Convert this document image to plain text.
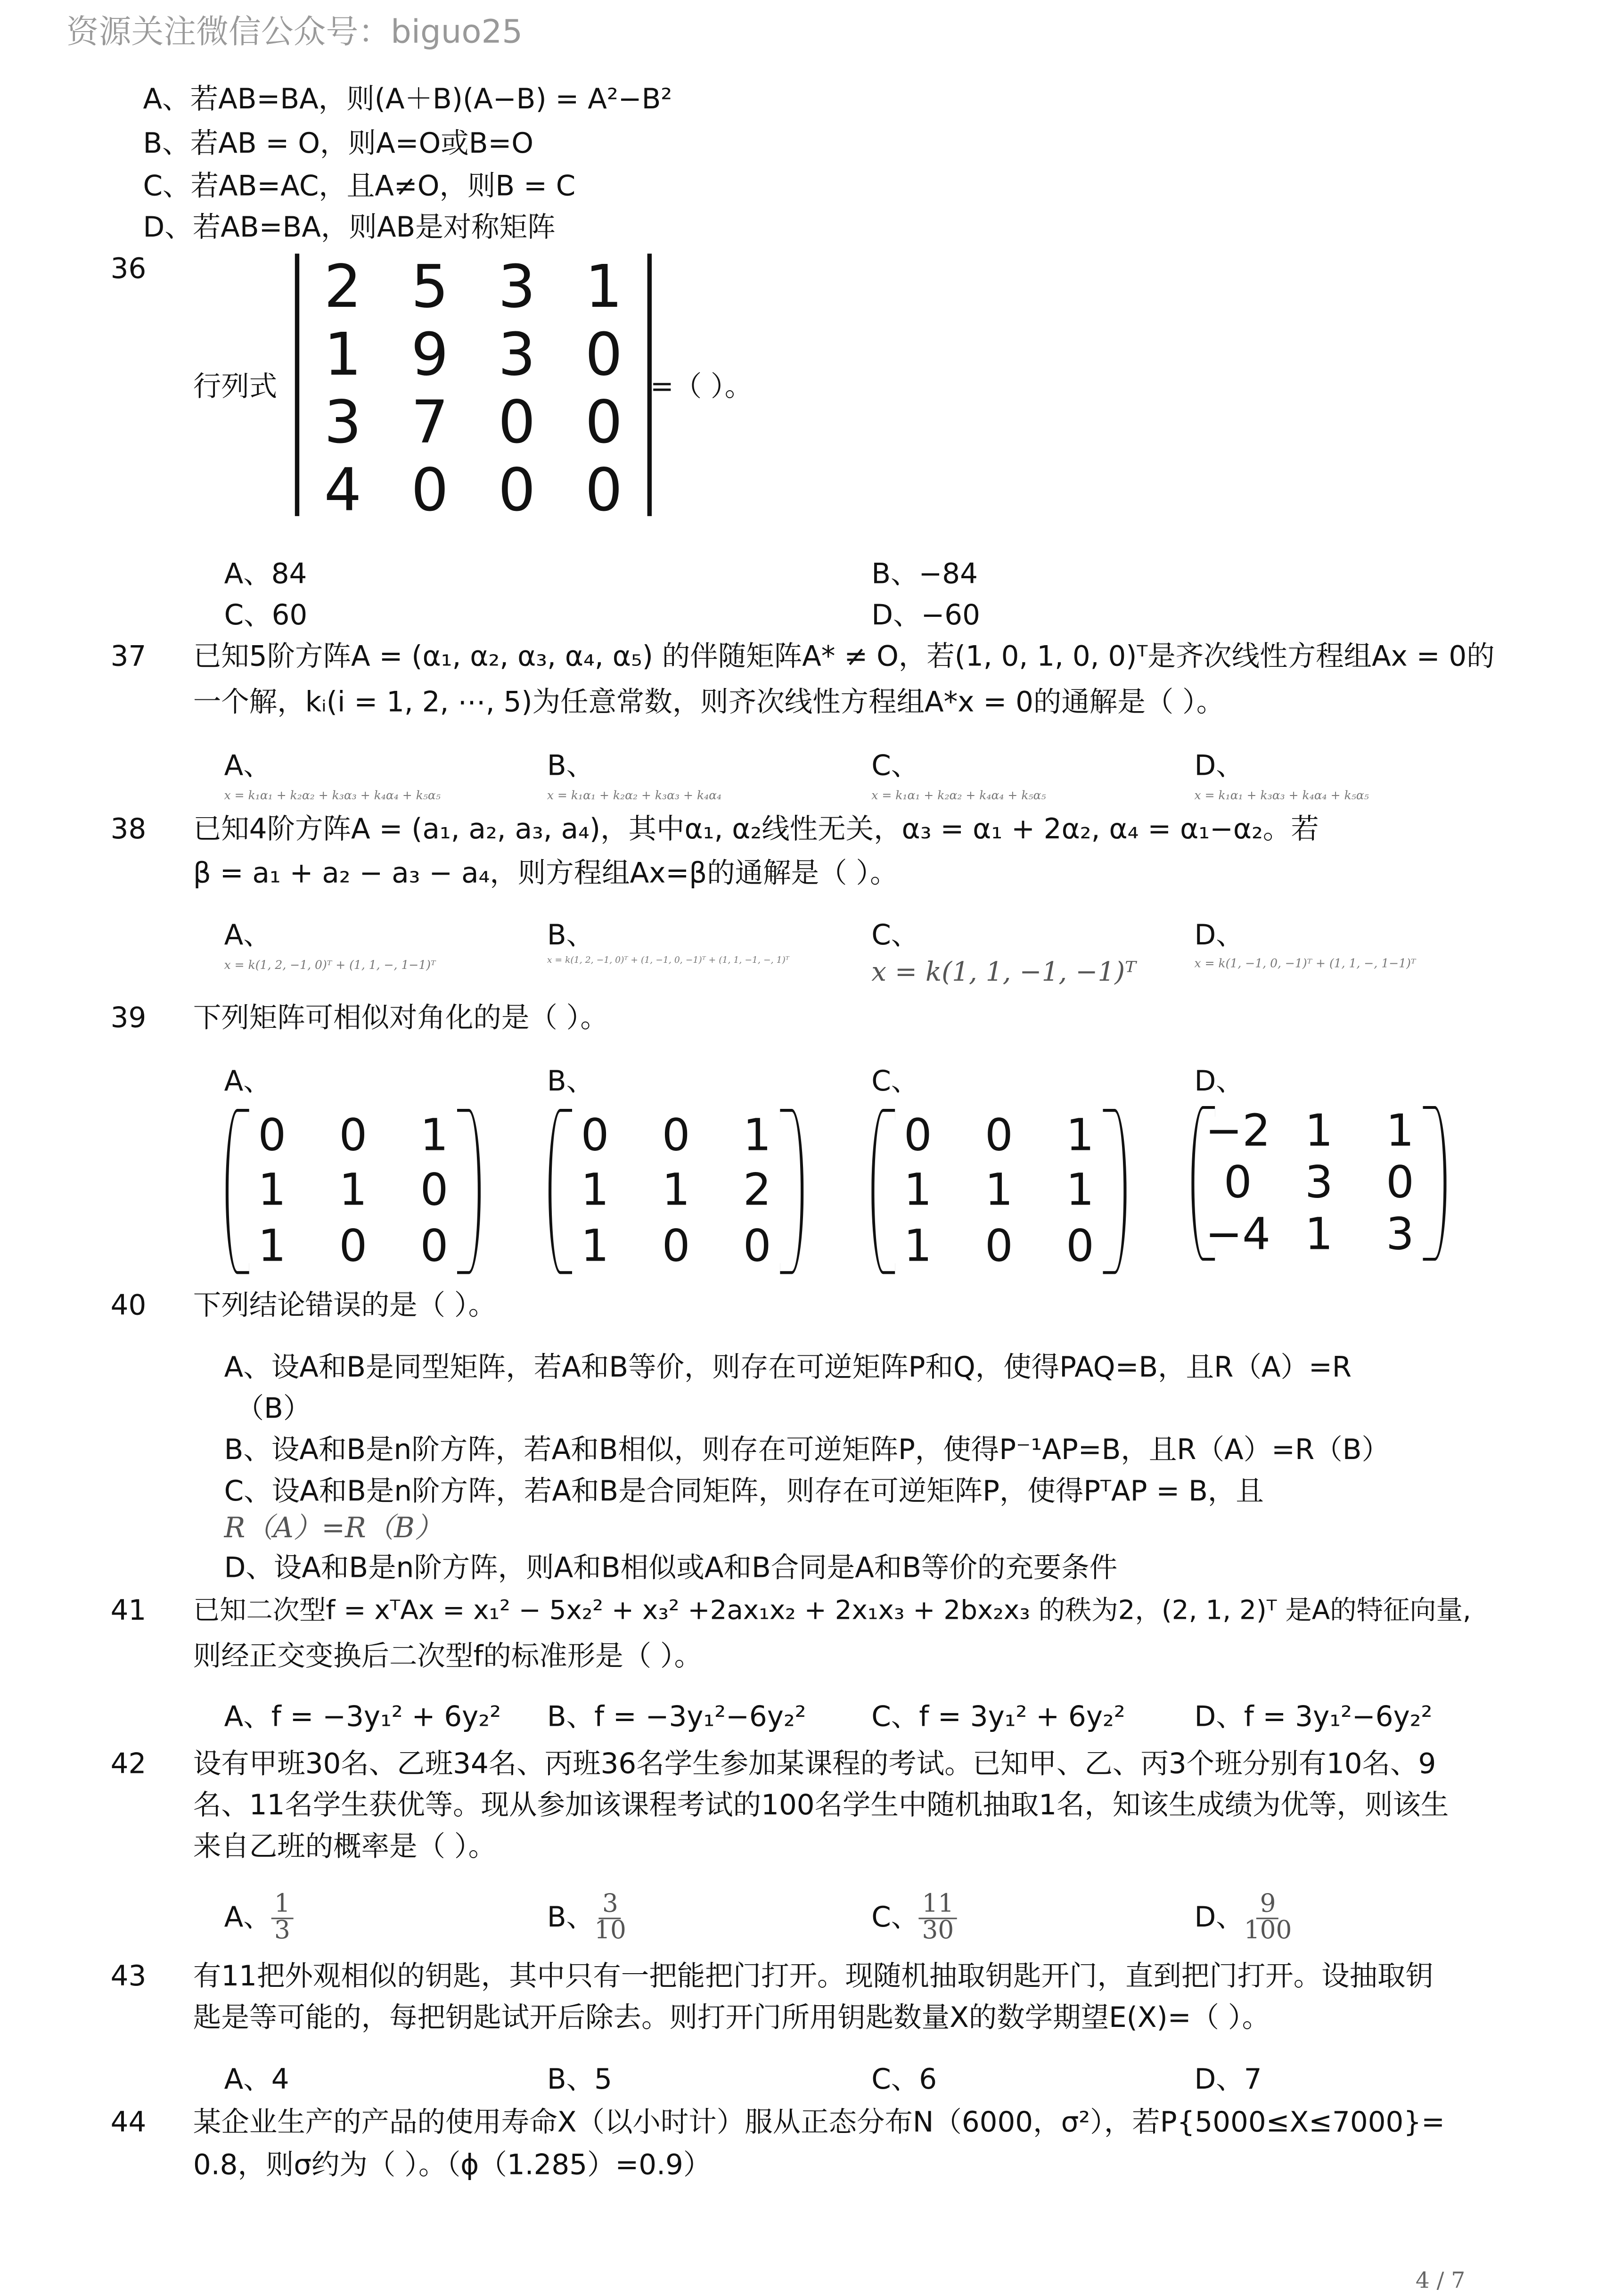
资源关注微信公众号：biguo25
A、若AB=BA，则(A＋B)(A−B) = A²−B²
B、若AB = O，则A=O或B=O
C、若AB=AC，且A≠O，则B = C
D、若AB=BA，则AB是对称矩阵
36
行列式
2	5	3	1
1	9	3	0
3	7	0	0
4	0	0	0
=（ ）。
A、84	B、−84
C、60	D、−60
37	已知5阶方阵A = (α₁, α₂, α₃, α₄, α₅) 的伴随矩阵A* ≠ O，若(1, 0, 1, 0, 0)ᵀ是齐次线性方程组Ax = 0的
一个解，kᵢ(i = 1, 2, ⋯, 5)为任意常数，则齐次线性方程组A*x = 0的通解是（ ）。
A、	B、	C、	D、
x = k₁α₁ + k₂α₂ + k₃α₃ + k₄α₄ + k₅α₅	x = k₁α₁ + k₂α₂ + k₃α₃ + k₄α₄	x = k₁α₁ + k₂α₂ + k₄α₄ + k₅α₅	x = k₁α₁ + k₃α₃ + k₄α₄ + k₅α₅
38	已知4阶方阵A = (a₁, a₂, a₃, a₄)，其中α₁, α₂线性无关，α₃ = α₁ + 2α₂, α₄ = α₁−α₂。若
β = a₁ + a₂ − a₃ − a₄，则方程组Ax=β的通解是（ ）。
A、	B、	C、	D、
x = k(1, 2, −1, 0)ᵀ + (1, 1, −, 1−1)ᵀ	x = k(1, 2, −1, 0)ᵀ + (1, −1, 0, −1)ᵀ + (1, 1, −1, −, 1)ᵀ	x = k(1, 1, −1, −1)ᵀ	x = k(1, −1, 0, −1)ᵀ + (1, 1, −, 1−1)ᵀ
39	下列矩阵可相似对角化的是（ ）。
A、	B、	C、	D、
0	0	1
1	1	0
1	0	0
0	0	1
1	1	2
1	0	0
0	0	1
1	1	1
1	0	0
−2	1	1
0	3	0
−4	1	3
40	下列结论错误的是（ ）。
A、设A和B是同型矩阵，若A和B等价，则存在可逆矩阵P和Q，使得PAQ=B，且R（A）=R
（B）
B、设A和B是n阶方阵，若A和B相似，则存在可逆矩阵P，使得P⁻¹AP=B，且R（A）=R（B）
C、设A和B是n阶方阵，若A和B是合同矩阵，则存在可逆矩阵P，使得PᵀAP = B，且
R（A）=R（B）
D、设A和B是n阶方阵，则A和B相似或A和B合同是A和B等价的充要条件
41	已知二次型f = xᵀAx = x₁² − 5x₂² + x₃² +2ax₁x₂ + 2x₁x₃ + 2bx₂x₃ 的秩为2，(2, 1, 2)ᵀ 是A的特征向量,
则经正交变换后二次型f的标准形是（ ）。
A、f = −3y₁² + 6y₂²	B、f = −3y₁²−6y₂²	C、f = 3y₁² + 6y₂²	D、f = 3y₁²−6y₂²
42	设有甲班30名、乙班34名、丙班36名学生参加某课程的考试。已知甲、乙、丙3个班分别有10名、9
名、11名学生获优等。现从参加该课程考试的100名学生中随机抽取1名，知该生成绩为优等，则该生
来自乙班的概率是（ ）。
A、 $\frac{1}{3}$	B、 $\frac{3}{10}$	C、 $\frac{11}{30}$	D、 $\frac{9}{100}$
43	有11把外观相似的钥匙，其中只有一把能把门打开。现随机抽取钥匙开门，直到把门打开。设抽取钥
匙是等可能的，每把钥匙试开后除去。则打开门所用钥匙数量X的数学期望E(X)=（ ）。
A、4	B、5	C、6	D、7
44	某企业生产的产品的使用寿命X（以小时计）服从正态分布N（6000，σ²），若P{5000≤X≤7000}=
0.8，则σ约为（ ）。（ϕ（1.285）=0.9）
4 / 7
